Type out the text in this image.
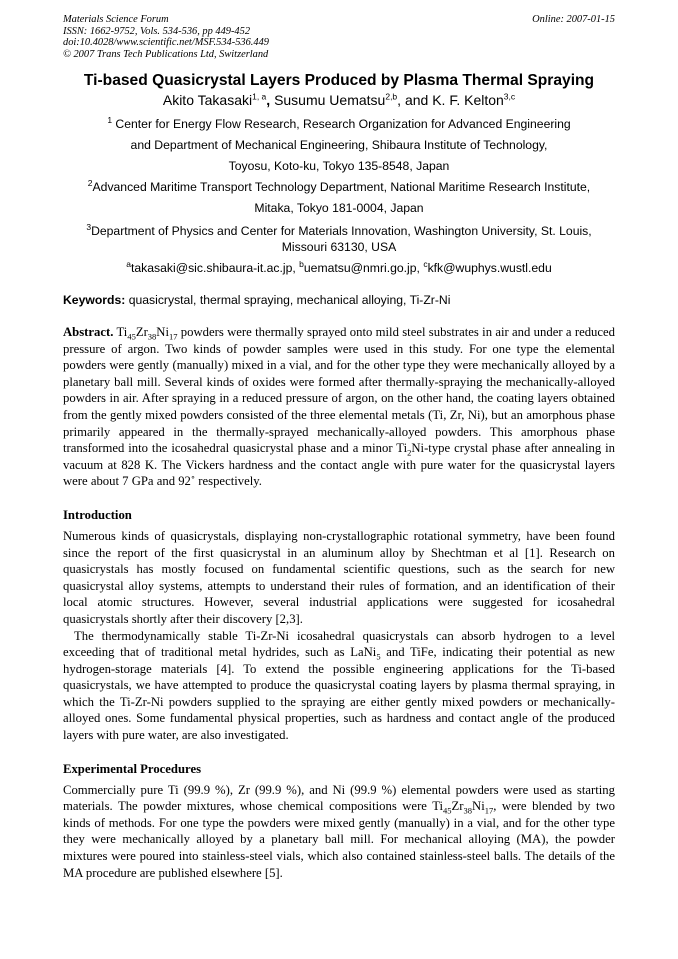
Materials Science Forum
ISSN: 1662-9752, Vols. 534-536, pp 449-452
doi:10.4028/www.scientific.net/MSF.534-536.449
© 2007 Trans Tech Publications Ltd, Switzerland
Online: 2007-01-15
Ti-based Quasicrystal Layers Produced by Plasma Thermal Spraying
Akito Takasaki$^{1, a}$, Susumu Uematsu$^{2,b}$, and K. F. Kelton$^{3,c}$
$^1$ Center for Energy Flow Research, Research Organization for Advanced Engineering
and Department of Mechanical Engineering, Shibaura Institute of Technology,
Toyosu, Koto-ku, Tokyo 135-8548, Japan
$^2$Advanced Maritime Transport Technology Department, National Maritime Research Institute,
Mitaka, Tokyo 181-0004, Japan
$^3$Department of Physics and Center for Materials Innovation, Washington University, St. Louis,
Missouri 63130, USA
$^a$takasaki@sic.shibaura-it.ac.jp, $^b$uematsu@nmri.go.jp, $^c$kfk@wuphys.wustl.edu
Keywords: quasicrystal, thermal spraying, mechanical alloying, Ti-Zr-Ni

Abstract. $Ti_{45}Zr_{38}Ni_{17}$ powders were thermally sprayed onto mild steel substrates in air and under a reduced pressure of argon. Two kinds of powder samples were used in this study. For one type the elemental powders were gently (manually) mixed in a vial, and for the other type they were mechanically alloyed by a planetary ball mill. Several kinds of oxides were formed after thermally-spraying the mechanically-alloyed powders in air. After spraying in a reduced pressure of argon, on the other hand, the coating layers obtained from the gently mixed powders consisted of the three elemental metals (Ti, Zr, Ni), but an amorphous phase primarily appeared in the thermally-sprayed mechanically-alloyed powders. This amorphous phase transformed into the icosahedral quasicrystal phase and a minor $Ti_2Ni$-type crystal phase after annealing in vacuum at 828 K. The Vickers hardness and the contact angle with pure water for the quasicrystal layers were about 7 GPa and 92˚ respectively.

Introduction

Numerous kinds of quasicrystals, displaying non-crystallographic rotational symmetry, have been found since the report of the first quasicrystal in an aluminum alloy by Shechtman et al [1]. Research on quasicrystals has mostly focused on fundamental scientific questions, such as the search for new quasicrystal alloy systems, attempts to understand their rules of formation, and an identification of their local atomic structures. However, several industrial applications were suggested for icosahedral quasicrystals shortly after their discovery [2,3].

The thermodynamically stable Ti-Zr-Ni icosahedral quasicrystals can absorb hydrogen to a level exceeding that of traditional metal hydrides, such as LaNi$_5$ and TiFe, indicating their potential as new hydrogen-storage materials [4]. To extend the possible engineering applications for the Ti-based quasicrystals, we have attempted to produce the quasicrystal coating layers by plasma thermal spraying, in which the Ti-Zr-Ni powders supplied to the spraying are either gently mixed powders or mechanically-alloyed ones. Some fundamental physical properties, such as hardness and contact angle of the produced layers with pure water, are also investigated.

Experimental Procedures

Commercially pure Ti (99.9 %), Zr (99.9 %), and Ni (99.9 %) elemental powders were used as starting materials. The powder mixtures, whose chemical compositions were $Ti_{45}Zr_{38}Ni_{17}$, were blended by two kinds of methods. For one type the powders were mixed gently (manually) in a vial, and for the other type they were mechanically alloyed by a planetary ball mill. For mechanical alloying (MA), the powder mixtures were poured into stainless-steel vials, which also contained stainless-steel balls. The details of the MA procedure are published elsewhere [5].
